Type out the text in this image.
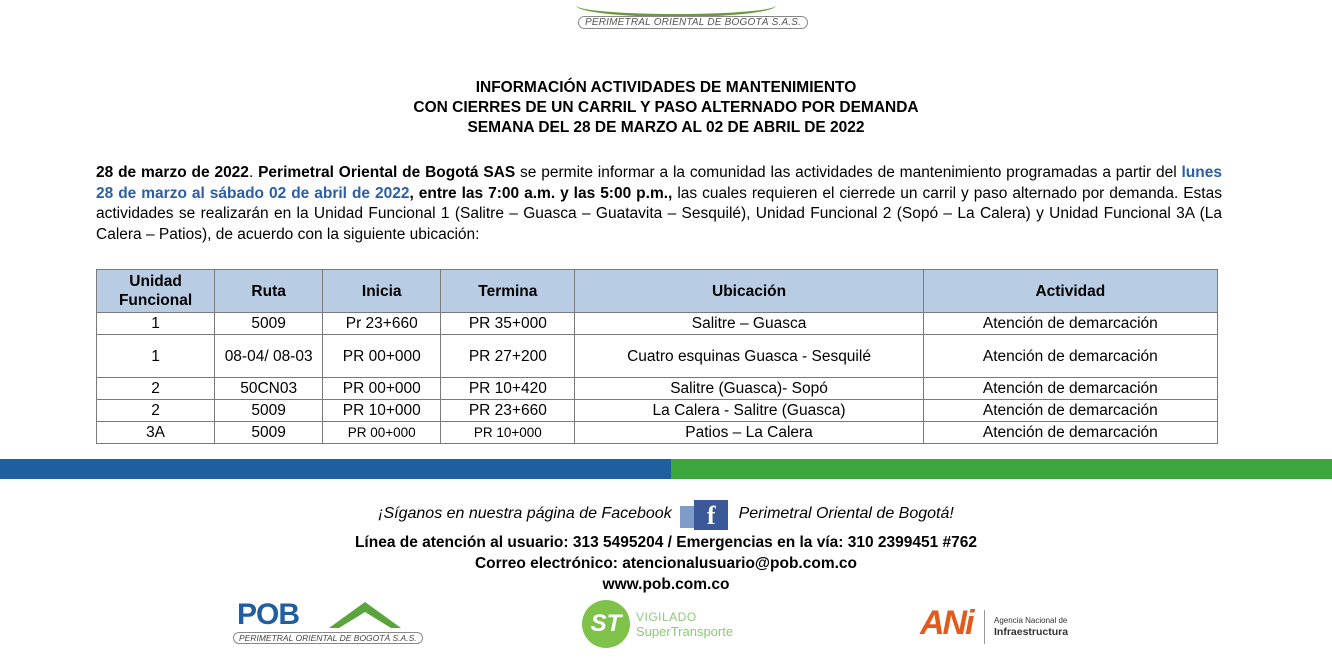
PERIMETRAL ORIENTAL DE BOGOTÁ S.A.S.
INFORMACIÓN ACTIVIDADES DE MANTENIMIENTO
CON CIERRES DE UN CARRIL Y PASO ALTERNADO POR DEMANDA
SEMANA DEL 28 DE MARZO AL 02 DE ABRIL DE 2022
28 de marzo de 2022. Perimetral Oriental de Bogotá SAS se permite informar a la comunidad las actividades de mantenimiento programadas a partir del lunes 28 de marzo al sábado 02 de abril de 2022, entre las 7:00 a.m. y las 5:00 p.m., las cuales requieren el cierrede un carril y paso alternado por demanda. Estas actividades se realizarán en la Unidad Funcional 1 (Salitre – Guasca – Guatavita – Sesquilé), Unidad Funcional 2 (Sopó – La Calera) y Unidad Funcional 3A (La Calera – Patios), de acuerdo con la siguiente ubicación:
Unidad Funcional	Ruta	Inicia	Termina	Ubicación	Actividad
1	5009	Pr 23+660	PR 35+000	Salitre – Guasca	Atención de demarcación
1	08-04/ 08-03	PR 00+000	PR 27+200	Cuatro esquinas Guasca - Sesquilé	Atención de demarcación
2	50CN03	PR 00+000	PR 10+420	Salitre (Guasca)- Sopó	Atención de demarcación
2	5009	PR 10+000	PR 23+660	La Calera - Salitre (Guasca)	Atención de demarcación
3A	5009	PR 00+000	PR 10+000	Patios – La Calera	Atención de demarcación
¡Síganos en nuestra página de Facebook	f	Perimetral Oriental de Bogotá!
Línea de atención al usuario: 313 5495204 / Emergencias en la vía: 310 2399451 #762
Correo electrónico: atencionalusuario@pob.com.co
www.pob.com.co
POB
PERIMETRAL ORIENTAL DE BOGOTÁ S.A.S.
ST	VIGILADO
SuperTransporte	ANi	Agencia Nacional de
Infraestructura
